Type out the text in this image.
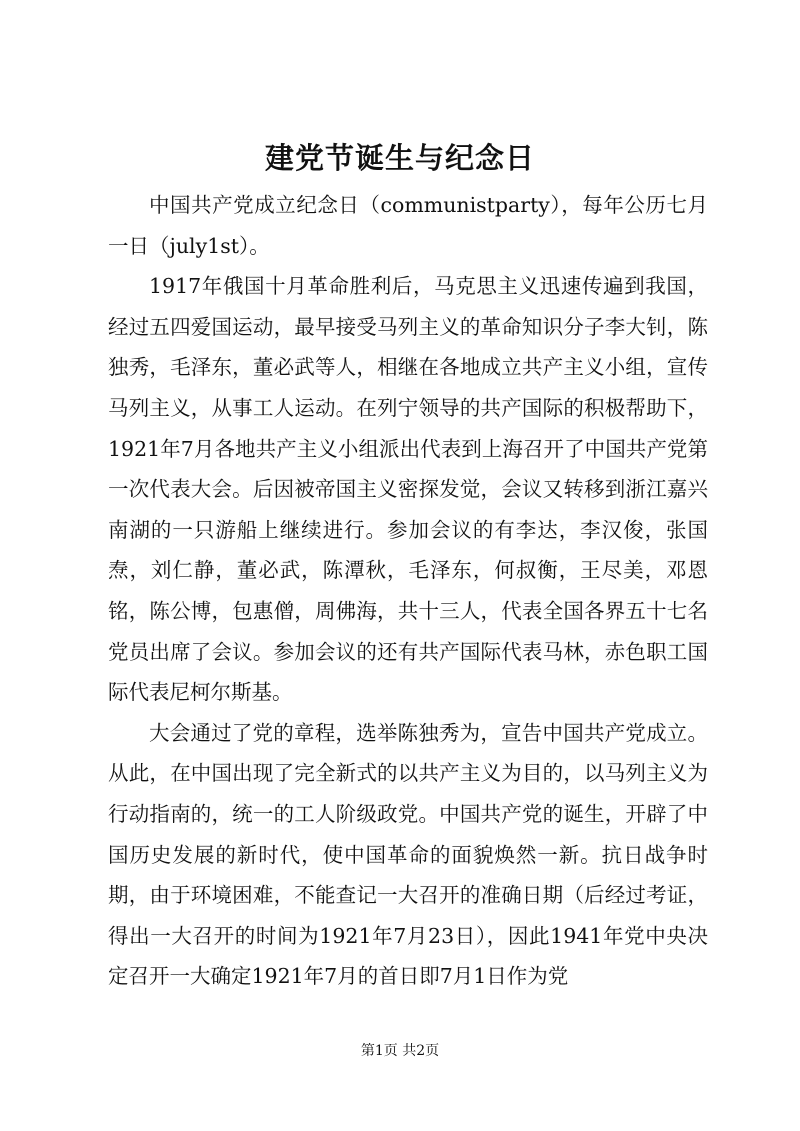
建党节诞生与纪念日

中国共产党成立纪念日（communistparty），每年公历七月一日（july1st）。

1917年俄国十月革命胜利后，马克思主义迅速传遍到我国，经过五四爱国运动，最早接受马列主义的革命知识分子李大钊，陈独秀，毛泽东，董必武等人，相继在各地成立共产主义小组，宣传马列主义，从事工人运动。在列宁领导的共产国际的积极帮助下，1921年7月各地共产主义小组派出代表到上海召开了中国共产党第一次代表大会。后因被帝国主义密探发觉，会议又转移到浙江嘉兴南湖的一只游船上继续进行。参加会议的有李达，李汉俊，张国焘，刘仁静，董必武，陈潭秋，毛泽东，何叔衡，王尽美，邓恩铭，陈公博，包惠僧，周佛海，共十三人，代表全国各界五十七名党员出席了会议。参加会议的还有共产国际代表马林，赤色职工国际代表尼柯尔斯基。

大会通过了党的章程，选举陈独秀为，宣告中国共产党成立。从此，在中国出现了完全新式的以共产主义为目的，以马列主义为行动指南的，统一的工人阶级政党。中国共产党的诞生，开辟了中国历史发展的新时代，使中国革命的面貌焕然一新。抗日战争时期，由于环境困难，不能查记一大召开的准确日期（后经过考证，得出一大召开的时间为1921年7月23日），因此1941年党中央决定召开一大确定1921年7月的首日即7月1日作为党

第1页 共2页
